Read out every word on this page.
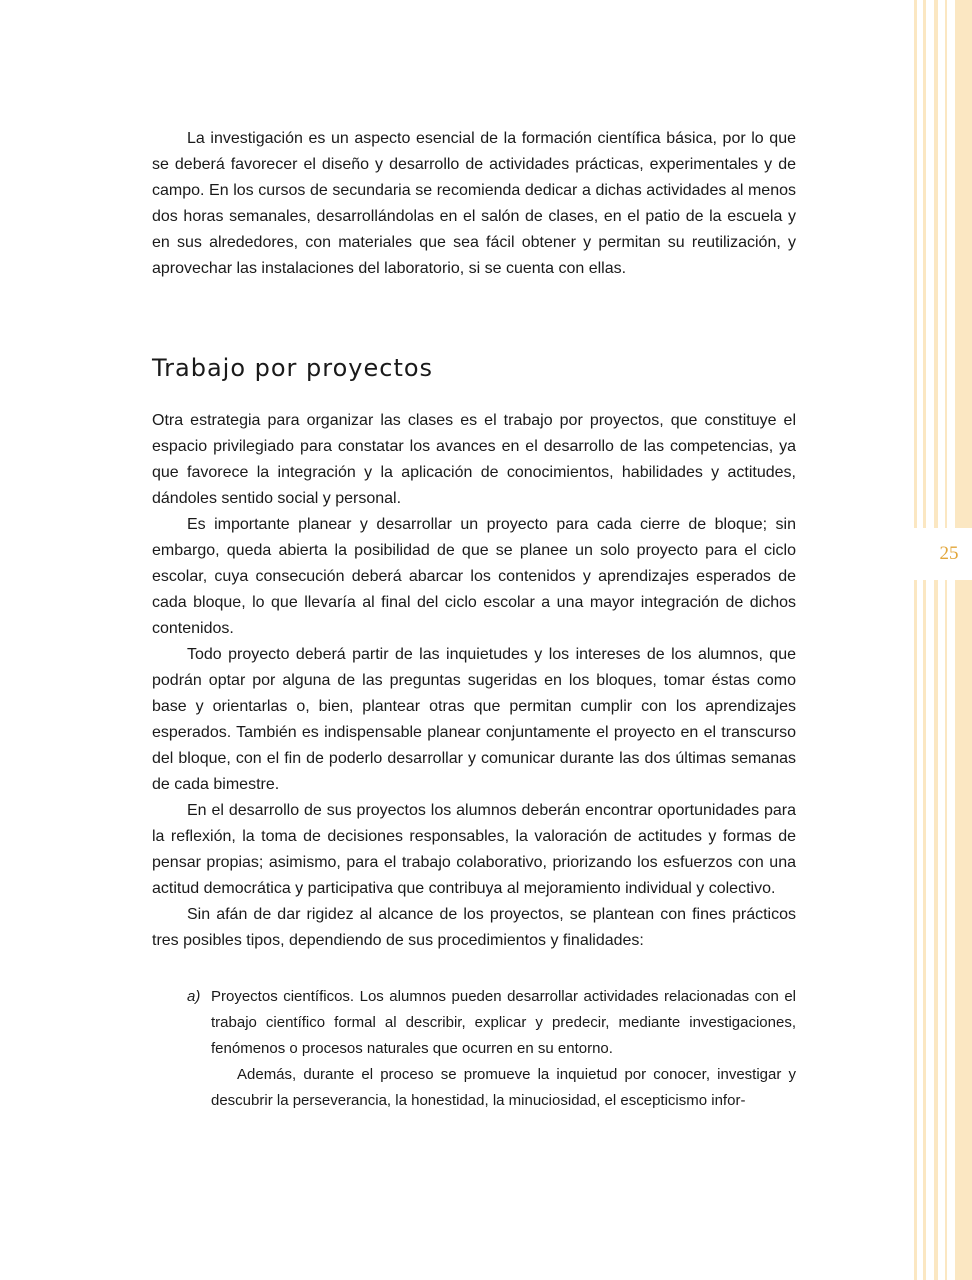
25

La investigación es un aspecto esencial de la formación científica básica, por lo que se deberá favorecer el diseño y desarrollo de actividades prácticas, experimentales y de campo. En los cursos de secundaria se recomienda dedicar a dichas actividades al menos dos horas semanales, desarrollándolas en el salón de clases, en el patio de la escuela y en sus alrededores, con materiales que sea fácil obtener y permitan su reutilización, y aprovechar las instalaciones del laboratorio, si se cuenta con ellas.

Trabajo por proyectos

Otra estrategia para organizar las clases es el trabajo por proyectos, que constituye el espacio privilegiado para constatar los avances en el desarrollo de las competencias, ya que favorece la integración y la aplicación de conocimientos, habilidades y actitudes, dándoles sentido social y personal.

Es importante planear y desarrollar un proyecto para cada cierre de bloque; sin embargo, queda abierta la posibilidad de que se planee un solo proyecto para el ciclo escolar, cuya consecución deberá abarcar los contenidos y aprendizajes esperados de cada bloque, lo que llevaría al final del ciclo escolar a una mayor integración de dichos contenidos.

Todo proyecto deberá partir de las inquietudes y los intereses de los alumnos, que podrán optar por alguna de las preguntas sugeridas en los bloques, tomar éstas como base y orientarlas o, bien, plantear otras que permitan cumplir con los aprendizajes esperados. También es indispensable planear conjuntamente el proyecto en el transcurso del bloque, con el fin de poderlo desarrollar y comunicar durante las dos últimas semanas de cada bimestre.

En el desarrollo de sus proyectos los alumnos deberán encontrar oportunidades para la reflexión, la toma de decisiones responsables, la valoración de actitudes y formas de pensar propias; asimismo, para el trabajo colaborativo, priorizando los esfuerzos con una actitud democrática y participativa que contribuya al mejoramiento individual y colectivo.

Sin afán de dar rigidez al alcance de los proyectos, se plantean con fines prácticos tres posibles tipos, dependiendo de sus procedimientos y finalidades:

a) Proyectos científicos. Los alumnos pueden desarrollar actividades relacionadas con el trabajo científico formal al describir, explicar y predecir, mediante investigaciones, fenómenos o procesos naturales que ocurren en su entorno.

Además, durante el proceso se promueve la inquietud por conocer, investigar y descubrir la perseverancia, la honestidad, la minuciosidad, el escepticismo infor-
